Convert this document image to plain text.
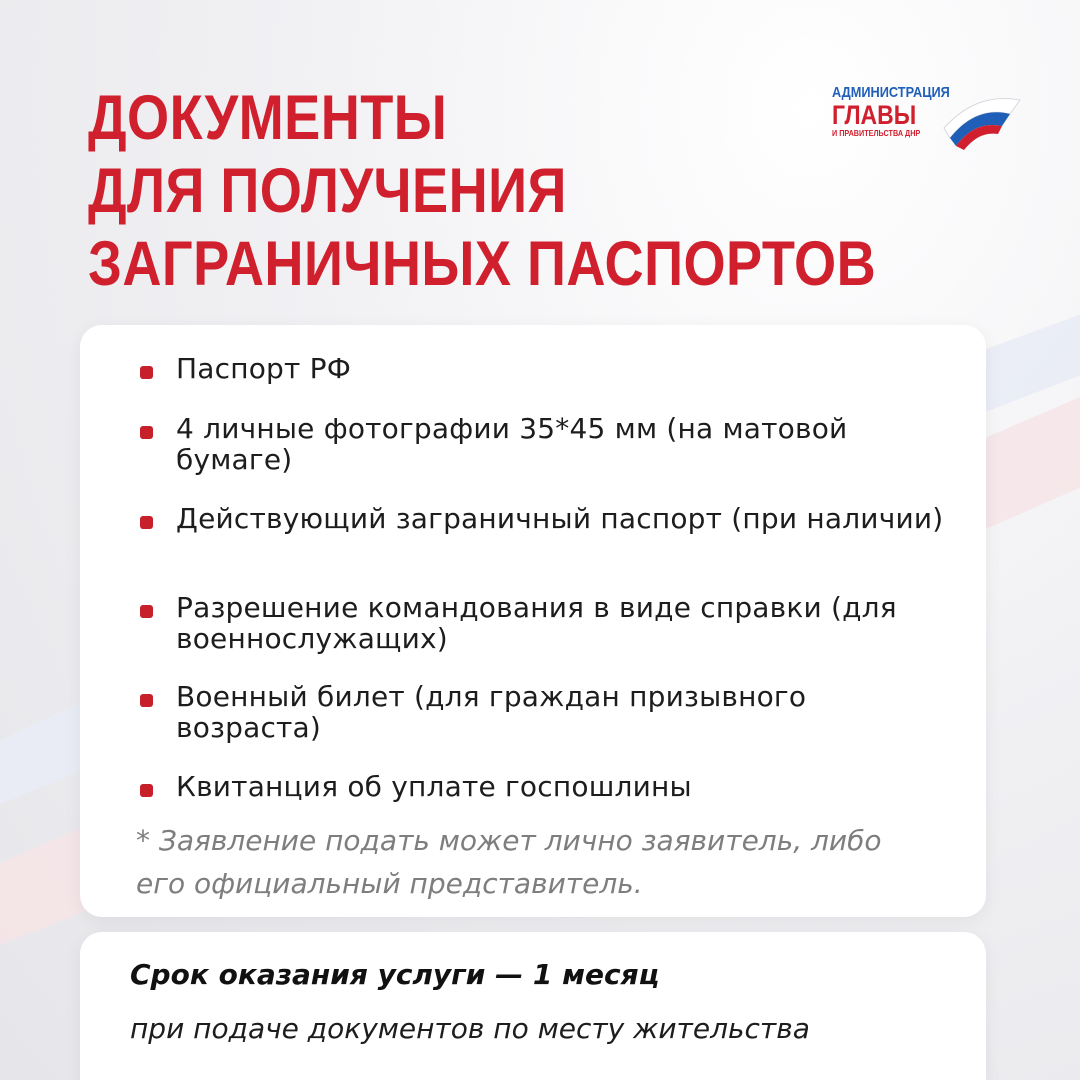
ДОКУМЕНТЫ
ДЛЯ ПОЛУЧЕНИЯ
ЗАГРАНИЧНЫХ ПАСПОРТОВ
АДМИНИСТРАЦИЯ
ГЛАВЫ
И ПРАВИТЕЛЬСТВА ДНР
Паспорт РФ
4 личные фотографии 35*45 мм (на матовой бумаге)
Действующий заграничный паспорт (при наличии)
Разрешение командования в виде справки (для военнослужащих)
Военный билет (для граждан призывного возраста)
Квитанция об уплате госпошлины

* Заявление подать может лично заявитель, либо его официальный представитель.

Срок оказания услуги — 1 месяц
при подаче документов по месту жительства
